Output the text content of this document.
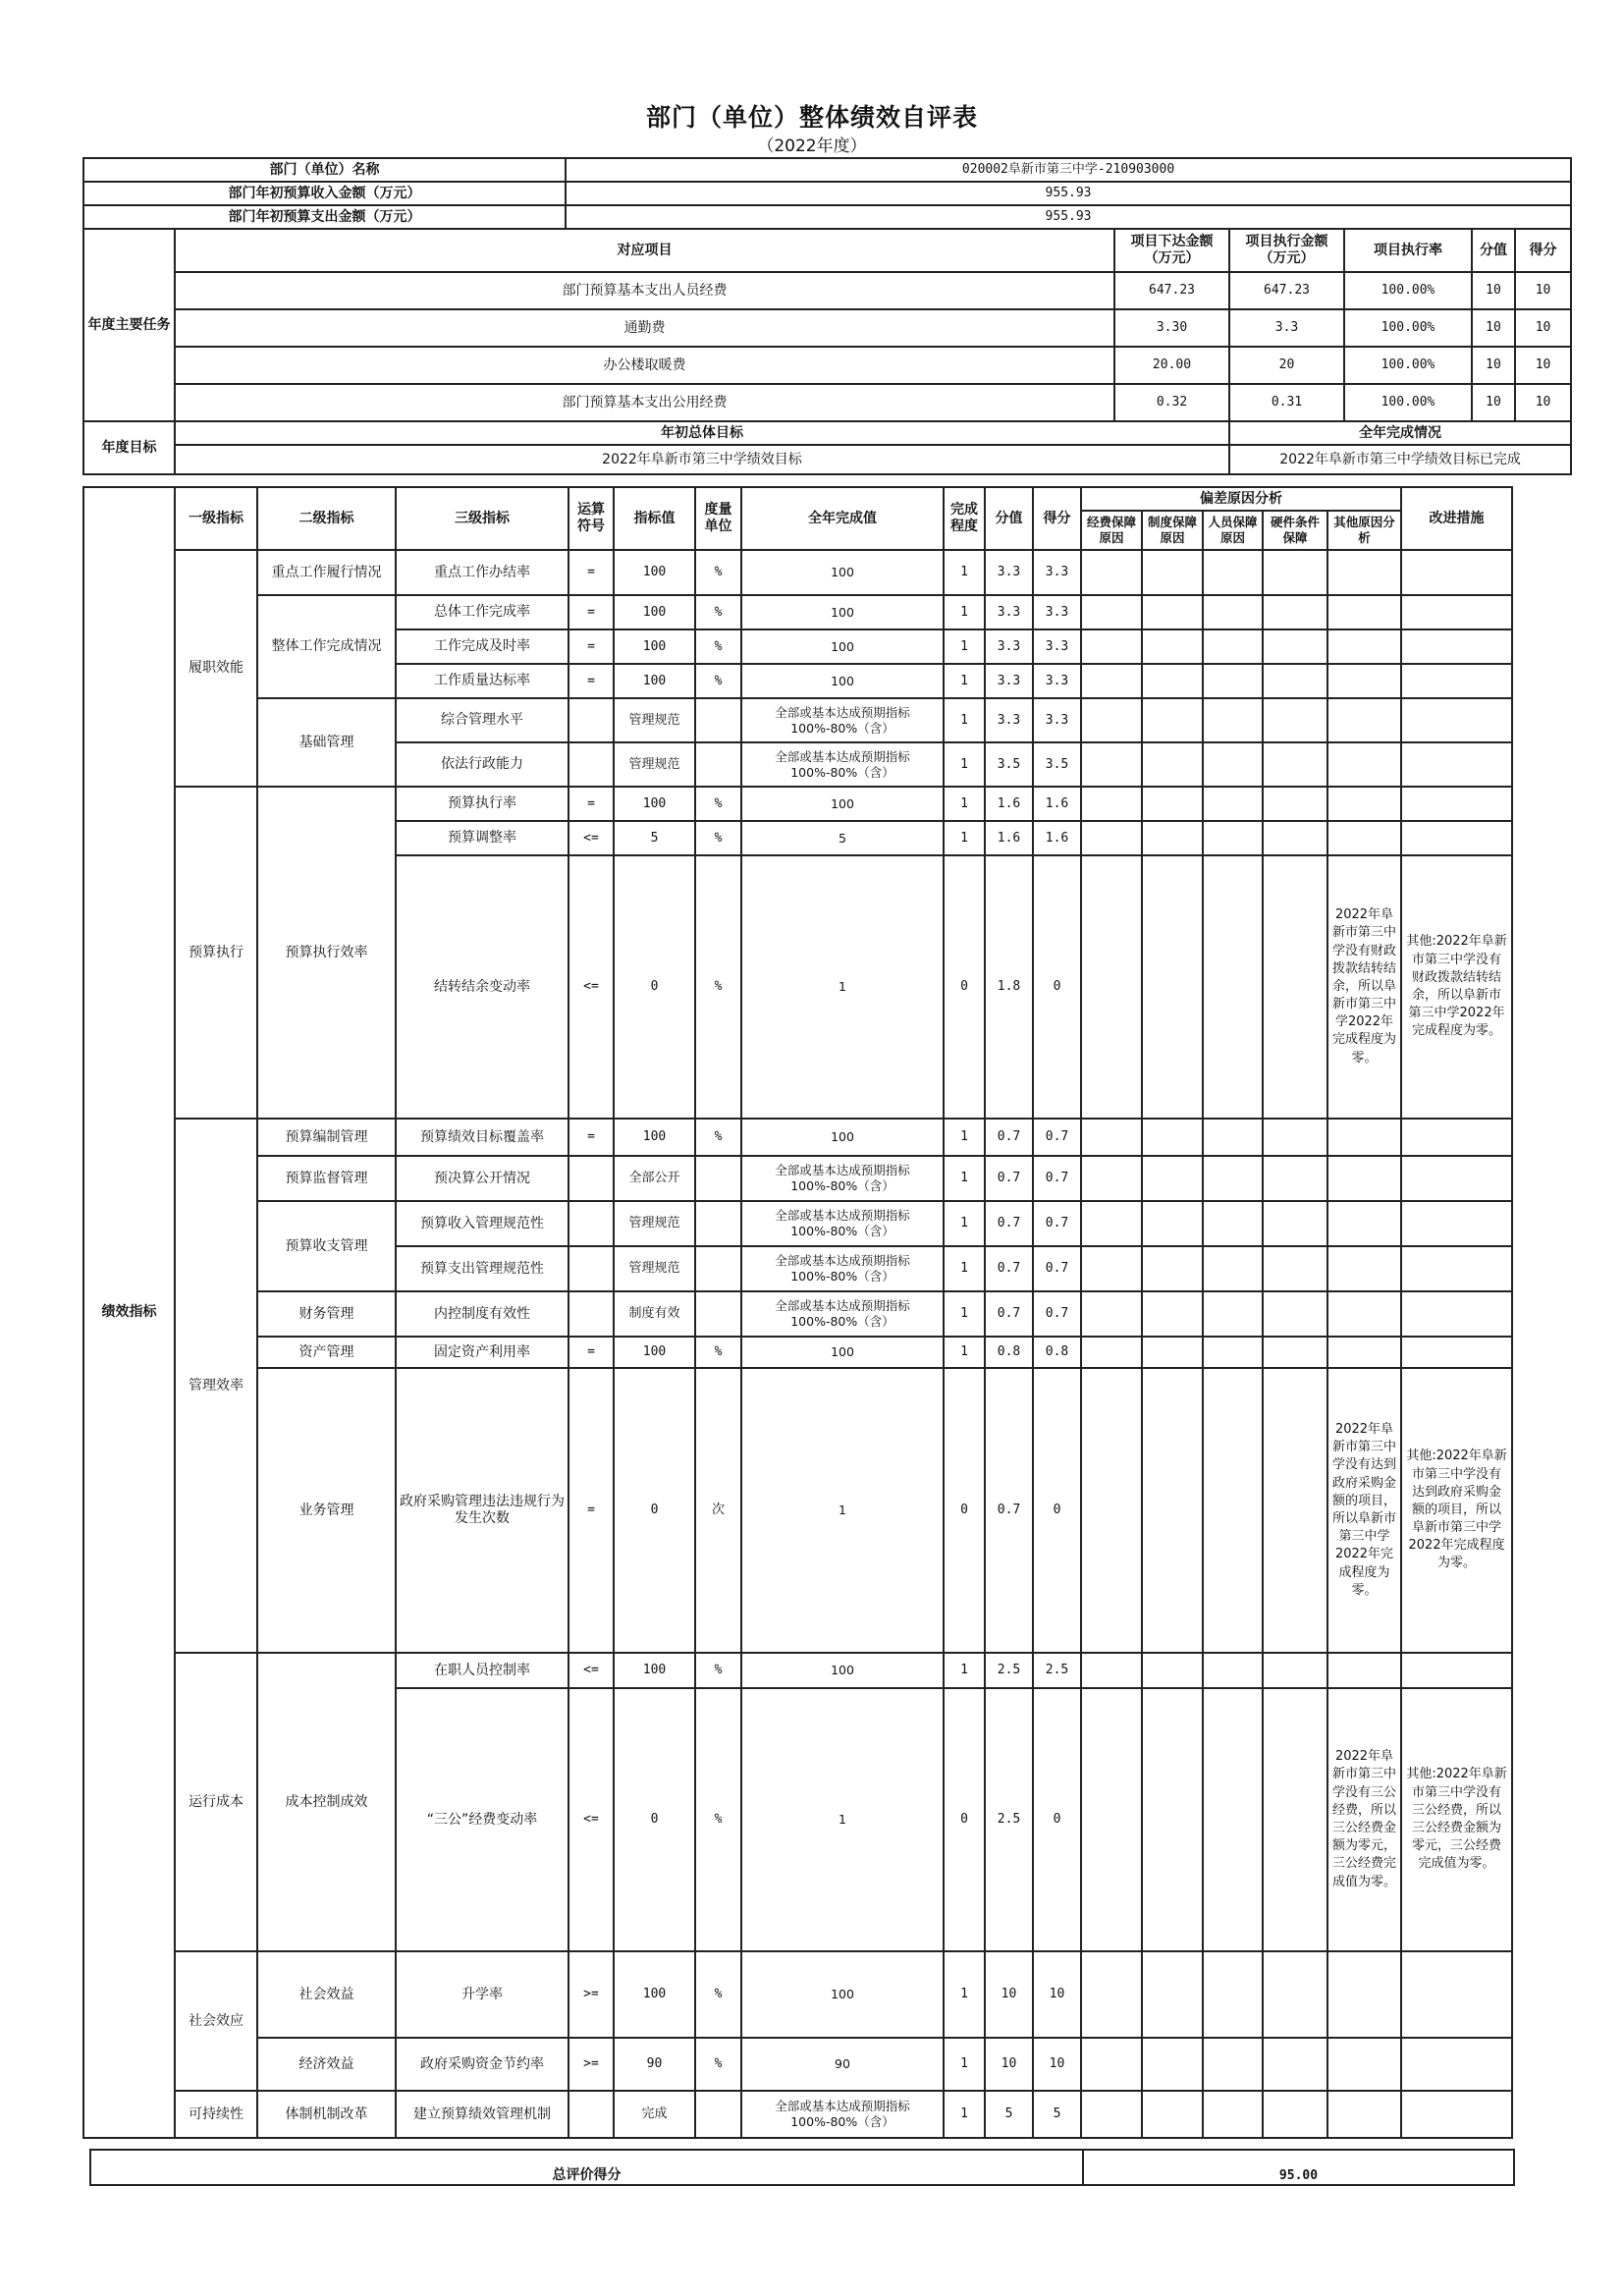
部门（单位）整体绩效自评表
（2022年度）
部门（单位）名称		020002阜新市第三中学-210903000					
部门年初预算收入金额（万元）		955.93					
部门年初预算支出金额（万元）		955.93					
年度主要任务	对应项目		项目下达金额（万元）	项目执行金额（万元）	项目执行率	分值	得分
	部门预算基本支出人员经费		647.23	647.23	100.00%	10	10
	通勤费		3.30	3.3	100.00%	10	10
	办公楼取暖费		20.00	20	100.00%	10	10
	部门预算基本支出公用经费		0.32	0.31	100.00%	10	10
年度目标	年初总体目标			全年完成情况			
	2022年阜新市第三中学绩效目标			2022年阜新市第三中学绩效目标已完成			
绩效指标	一级指标	二级指标	三级指标	运算符号	指标值	度量单位	全年完成值	完成程度	分值	得分	偏差原因分析					改进措施
											经费保障原因	制度保障原因	人员保障原因	硬件条件保障	其他原因分析	
	履职效能	重点工作履行情况	重点工作办结率	=	100	%	100	1	3.3	3.3						
		整体工作完成情况	总体工作完成率	=	100	%	100	1	3.3	3.3						
			工作完成及时率	=	100	%	100	1	3.3	3.3						
			工作质量达标率	=	100	%	100	1	3.3	3.3						
		基础管理	综合管理水平		管理规范		全部或基本达成预期指标100%-80%（含）	1	3.3	3.3						
			依法行政能力		管理规范		全部或基本达成预期指标100%-80%（含）	1	3.5	3.5						
	预算执行	预算执行效率	预算执行率	=	100	%	100	1	1.6	1.6						
			预算调整率	<=	5	%	5	1	1.6	1.6						
			结转结余变动率	<=	0	%	1	0	1.8	0					2022年阜新市第三中学没有财政拨款结转结余，所以阜新市第三中学2022年完成程度为零。	其他:2022年阜新市第三中学没有财政拨款结转结余，所以阜新市第三中学2022年完成程度为零。
	管理效率	预算编制管理	预算绩效目标覆盖率	=	100	%	100	1	0.7	0.7						
		预算监督管理	预决算公开情况		全部公开		全部或基本达成预期指标100%-80%（含）	1	0.7	0.7						
		预算收支管理	预算收入管理规范性		管理规范		全部或基本达成预期指标100%-80%（含）	1	0.7	0.7						
			预算支出管理规范性		管理规范		全部或基本达成预期指标100%-80%（含）	1	0.7	0.7						
		财务管理	内控制度有效性		制度有效		全部或基本达成预期指标100%-80%（含）	1	0.7	0.7						
		资产管理	固定资产利用率	=	100	%	100	1	0.8	0.8						
		业务管理	政府采购管理违法违规行为发生次数	=	0	次	1	0	0.7	0					2022年阜新市第三中学没有达到政府采购金额的项目，所以阜新市第三中学2022年完成程度为零。	其他:2022年阜新市第三中学没有达到政府采购金额的项目，所以阜新市第三中学2022年完成程度为零。
	运行成本	成本控制成效	在职人员控制率	<=	100	%	100	1	2.5	2.5						
			“三公”经费变动率	<=	0	%	1	0	2.5	0					2022年阜新市第三中学没有三公经费，所以三公经费金额为零元，三公经费完成值为零。	其他:2022年阜新市第三中学没有三公经费，所以三公经费金额为零元，三公经费完成值为零。
	社会效应	社会效益	升学率	>=	100	%	100	1	10	10						
		经济效益	政府采购资金节约率	>=	90	%	90	1	10	10						
	可持续性	体制机制改革	建立预算绩效管理机制		完成		全部或基本达成预期指标100%-80%（含）	1	5	5						
总评价得分	95.00
